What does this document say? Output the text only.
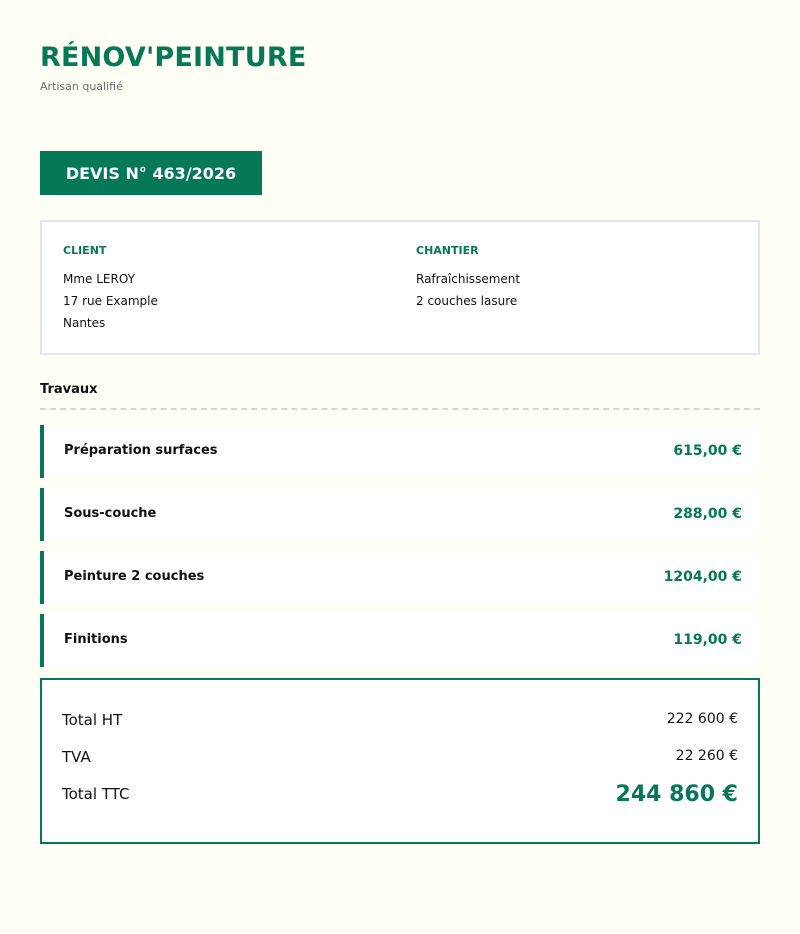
RÉNOV'PEINTURE
Artisan qualifié
DEVIS N° 463/2026
CLIENT
Mme LEROY
17 rue Example
Nantes
CHANTIER
Rafraîchissement
2 couches lasure
Travaux
Préparation surfaces	615,00 €
Sous-couche	288,00 €
Peinture 2 couches	1204,00 €
Finitions	119,00 €
Total HT	222 600 €
TVA	22 260 €
Total TTC	244 860 €
